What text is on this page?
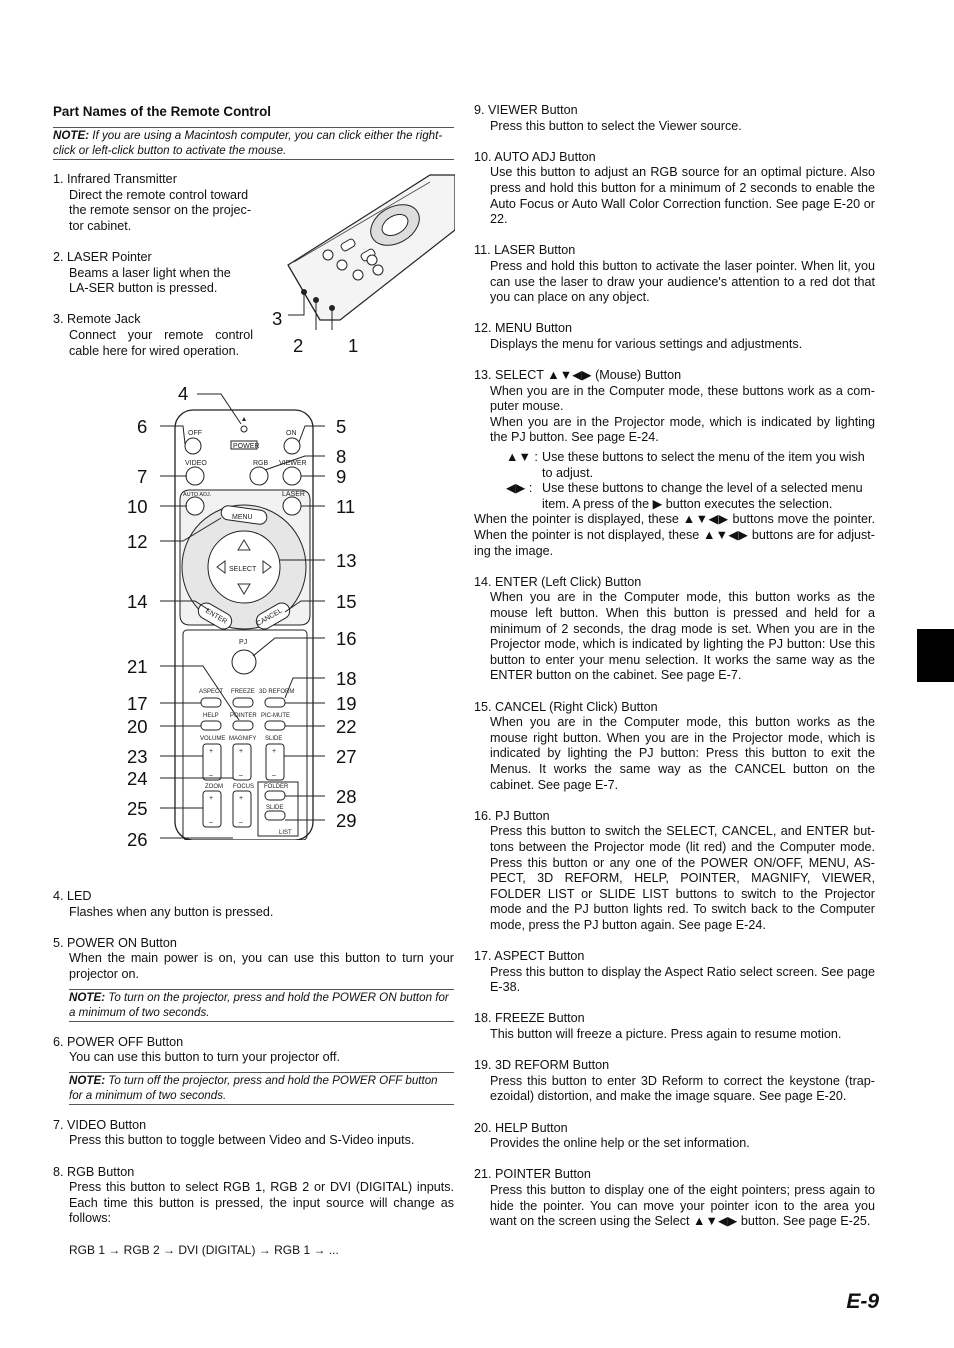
Part Names of the Remote Control
NOTE: If you are using a Macintosh computer, you can click either the right-click or left-click button to activate the mouse.
1. Infrared Transmitter
Direct the remote control toward the remote sensor on the projec-tor cabinet.
2. LASER Pointer
Beams a laser light when the LA-SER button is pressed.
3. Remote Jack
Connect your remote control cable here for wired operation.
3
2 1
OFF	ON
POWER
VIDEO	RGB VIEWER
AUTO ADJ.	LASER
MENU
SELECT
ENTER	CANCEL
PJ
ASPECT FREEZE 3D REFORM
HELP POINTER PIC-MUTE
VOLUME MAGNIFY SLIDE
ZOOM FOCUS FOLDER
SLIDE
LIST
+
–
+
–
+
–
+
–
+
–
4
6	5
8
7	9
10	11
12
13
14	15
16
21
18
17	19
20	22
23	27
24
28
25
29
26
4. LED
Flashes when any button is pressed.
5. POWER ON Button
When the main power is on, you can use this button to turn your projector on.
NOTE: To turn on the projector, press and hold the POWER ON button for a minimum of two seconds.
6. POWER OFF Button
You can use this button to turn your projector off.
NOTE: To turn off the projector, press and hold the POWER OFF button for a minimum of two seconds.
7. VIDEO Button
Press this button to toggle between Video and S-Video inputs.
8. RGB Button
Press this button to select RGB 1, RGB 2 or DVI (DIGITAL) inputs. Each time this button is pressed, the input source will change as follows:
RGB 1 → RGB 2 → DVI (DIGITAL) → RGB 1 → ...
9. VIEWER Button
Press this button to select the Viewer source.
10. AUTO ADJ Button
Use this button to adjust an RGB source for an optimal picture. Also press and hold this button for a minimum of 2 seconds to enable the Auto Focus or Auto Wall Color Correction function. See page E-20 or 22.
11. LASER Button
Press and hold this button to activate the laser pointer. When lit, you can use the laser to draw your audience's attention to a red dot that you can place on any object.
12. MENU Button
Displays the menu for various settings and adjustments.
13. SELECT ▲▼◀▶ (Mouse) Button
When you are in the Computer mode, these buttons work as a com-puter mouse.
When you are in the Projector mode, which is indicated by lighting the PJ button. See page E-24.
▲▼ : Use these buttons to select the menu of the item you wish to adjust.
◀▶ : Use these buttons to change the level of a selected menu item. A press of the ▶ button executes the selection.
When the pointer is displayed, these ▲▼◀▶ buttons move the pointer. When the pointer is not displayed, these ▲▼◀▶ buttons are for adjust-ing the image.
14. ENTER (Left Click) Button
When you are in the Computer mode, this button works as the mouse left button. When this button is pressed and held for a minimum of 2 seconds, the drag mode is set. When you are in the Projector mode, which is indicated by lighting the PJ button: Use this button to enter your menu selection. It works the same way as the ENTER button on the cabinet. See page E-7.
15. CANCEL (Right Click) Button
When you are in the Computer mode, this button works as the mouse right button. When you are in the Projector mode, which is indicated by lighting the PJ button: Press this button to exit the Menus. It works the same way as the CANCEL button on the cabinet. See page E-7.
16. PJ Button
Press this button to switch the SELECT, CANCEL, and ENTER but-tons between the Projector mode (lit red) and the Computer mode. Press this button or any one of the POWER ON/OFF, MENU, AS-PECT, 3D REFORM, HELP, POINTER, MAGNIFY, VIEWER, FOLDER LIST or SLIDE LIST buttons to switch to the Projector mode and the PJ button lights red. To switch back to the Computer mode, press the PJ button again. See page E-24.
17. ASPECT Button
Press this button to display the Aspect Ratio select screen. See page E-38.
18. FREEZE Button
This button will freeze a picture. Press again to resume motion.
19. 3D REFORM Button
Press this button to enter 3D Reform to correct the keystone (trap-ezoidal) distortion, and make the image square. See page E-20.
20. HELP Button
Provides the online help or the set information.
21. POINTER Button
Press this button to display one of the eight pointers; press again to hide the pointer. You can move your pointer icon to the area you want on the screen using the Select ▲▼◀▶ button. See page E-25.
E-9
